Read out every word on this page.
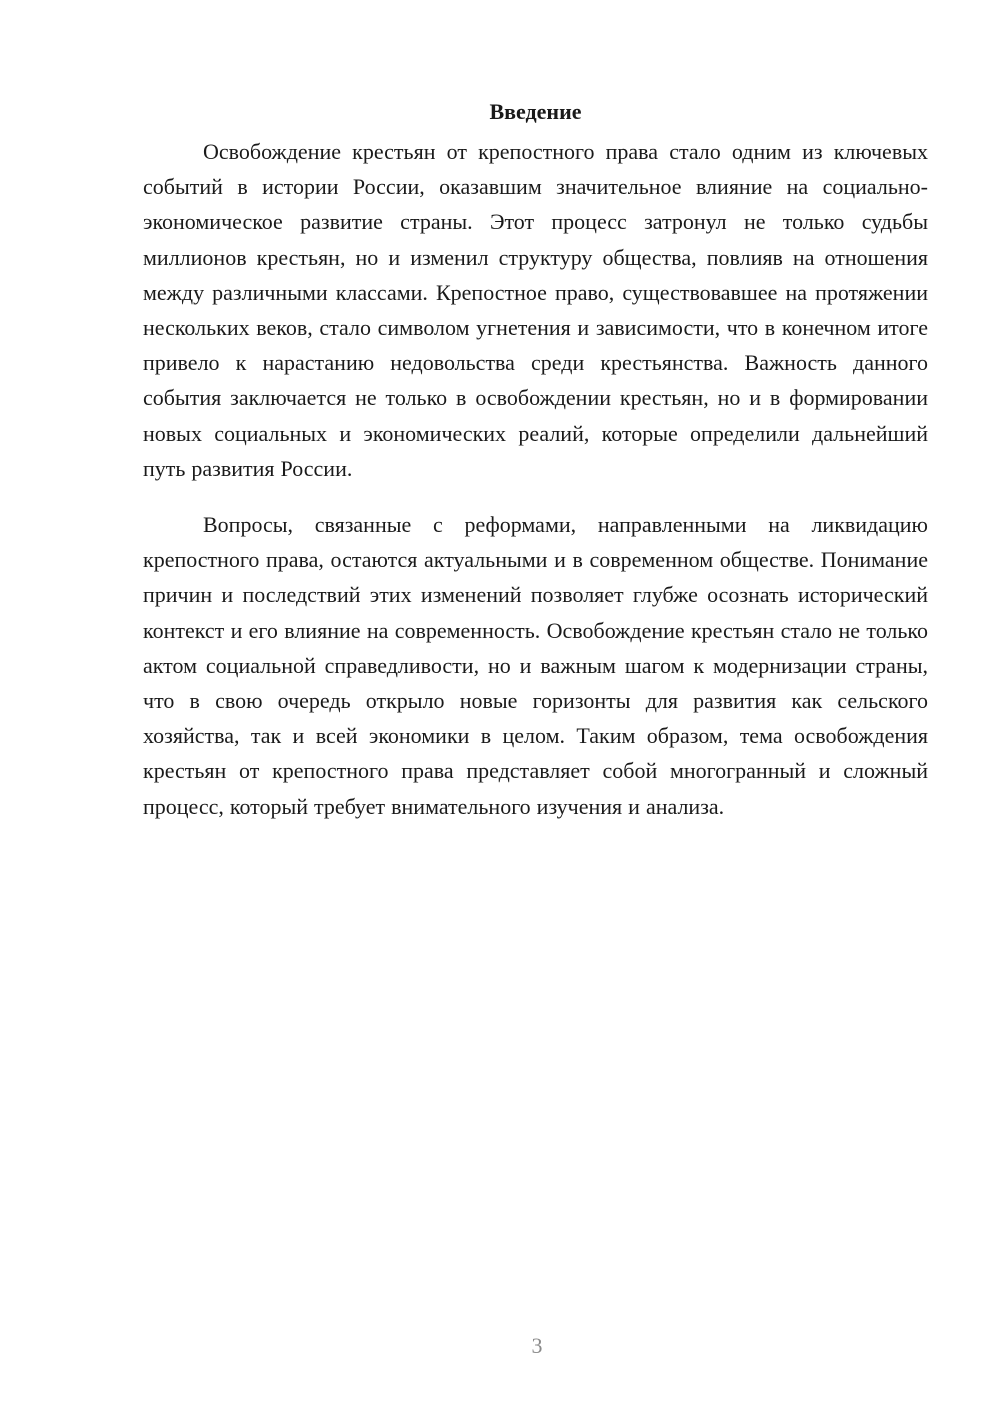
Введение

Освобождение крестьян от крепостного права стало одним из ключевых событий в истории России, оказавшим значительное влияние на социально-экономическое развитие страны. Этот процесс затронул не только судьбы миллионов крестьян, но и изменил структуру общества, повлияв на отношения между различными классами. Крепостное право, существовавшее на протяжении нескольких веков, стало символом угнетения и зависимости, что в конечном итоге привело к нарастанию недовольства среди крестьянства. Важность данного события заключается не только в освобождении крестьян, но и в формировании новых социальных и экономических реалий, которые определили дальнейший путь развития России.

Вопросы, связанные с реформами, направленными на ликвидацию крепостного права, остаются актуальными и в современном обществе. Понимание причин и последствий этих изменений позволяет глубже осознать исторический контекст и его влияние на современность. Освобождение крестьян стало не только актом социальной справедливости, но и важным шагом к модернизации страны, что в свою очередь открыло новые горизонты для развития как сельского хозяйства, так и всей экономики в целом. Таким образом, тема освобождения крестьян от крепостного права представляет собой многогранный и сложный процесс, который требует внимательного изучения и анализа.

3
